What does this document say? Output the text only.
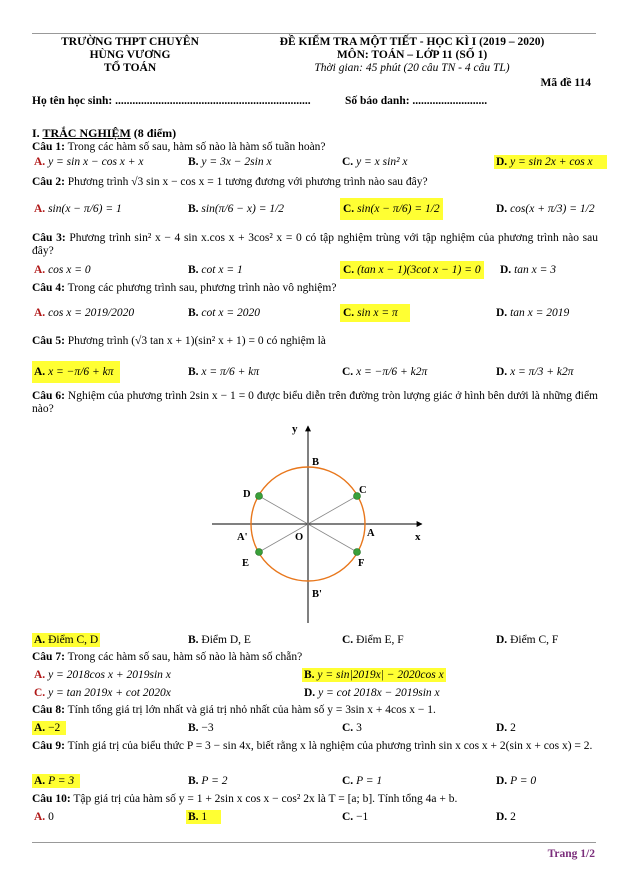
TRƯỜNG THPT CHUYÊN
HÙNG VƯƠNG
TỔ TOÁN
ĐỀ KIỂM TRA MỘT TIẾT - HỌC KÌ I (2019 – 2020)
MÔN: TOÁN – LỚP 11 (SỐ 1)
Thời gian: 45 phút (20 câu TN - 4 câu TL)
Mã đề 114
Họ tên học sinh: ....................................................................	Số báo danh: ..........................
I. TRẮC NGHIỆM (8 điểm)
Câu 1: Trong các hàm số sau, hàm số nào là hàm số tuần hoàn?
A. y = sin x − cos x + x	B. y = 3x − 2sin x	C. y = x sin² x	D. y = sin 2x + cos x
Câu 2: Phương trình √3 sin x − cos x = 1 tương đương với phương trình nào sau đây?
A. sin(x − π/6) = 1	B. sin(π/6 − x) = 1/2	C. sin(x − π/6) = 1/2	D. cos(x + π/3) = 1/2
Câu 3: Phương trình sin² x − 4 sin x.cos x + 3cos² x = 0 có tập nghiệm trùng với tập nghiệm của phương trình nào sau đây?
A. cos x = 0	B. cot x = 1	C. (tan x − 1)(3cot x − 1) = 0 D. tan x = 3
Câu 4: Trong các phương trình sau, phương trình nào vô nghiệm?
A. cos x = 2019/2020	B. cot x = 2020	C. sin x = π	D. tan x = 2019
Câu 5: Phương trình (√3 tan x + 1)(sin² x + 1) = 0 có nghiệm là
A. x = −π/6 + kπ	B. x = π/6 + kπ	C. x = −π/6 + k2π	D. x = π/3 + k2π
Câu 6: Nghiệm của phương trình 2sin x − 1 = 0 được biểu diễn trên đường tròn lượng giác ở hình bên dưới là những điểm nào?
y
x
B
B'
A
A'	O
C
D
E	F
A. Điểm C, D	B. Điểm D, E	C. Điểm E, F	D. Điểm C, F
Câu 7: Trong các hàm số sau, hàm số nào là hàm số chẵn?
A. y = 2018cos x + 2019sin x	B. y = sin|2019x| − 2020cos x
C. y = tan 2019x + cot 2020x	D. y = cot 2018x − 2019sin x
Câu 8: Tính tổng giá trị lớn nhất và giá trị nhỏ nhất của hàm số y = 3sin x + 4cos x − 1.
A. −2	B. −3	C. 3	D. 2
Câu 9: Tính giá trị của biểu thức P = 3 − sin 4x, biết rằng x là nghiệm của phương trình sin x cos x + 2(sin x + cos x) = 2.
A. P = 3	B. P = 2	C. P = 1	D. P = 0
Câu 10: Tập giá trị của hàm số y = 1 + 2sin x cos x − cos² 2x là T = [a; b]. Tính tổng 4a + b.
A. 0	B. 1	C. −1	D. 2
Trang 1/2
